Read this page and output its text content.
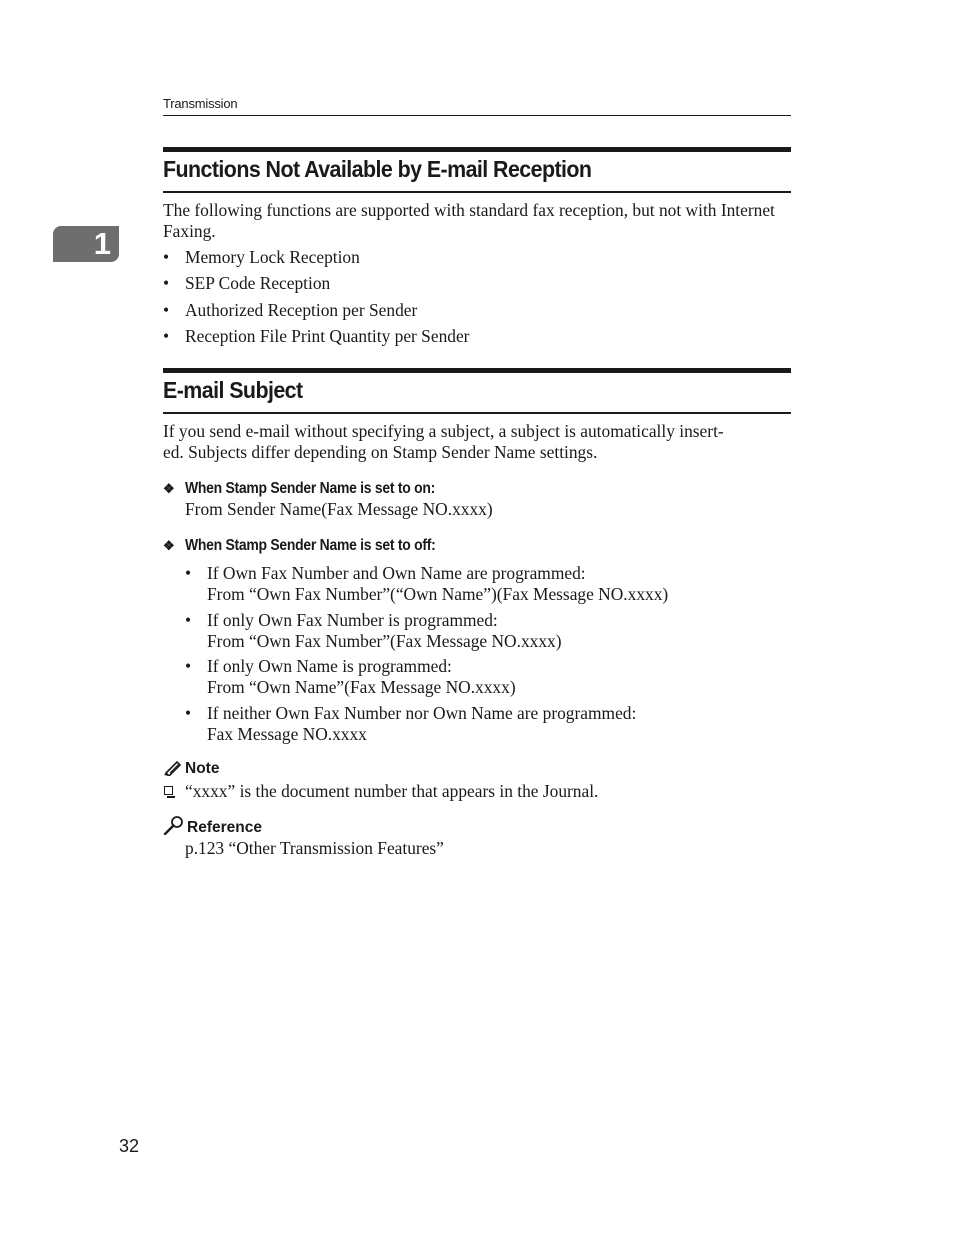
Transmission
1
Functions Not Available by E-mail Reception

The following functions are supported with standard fax reception, but not with Internet Faxing.

• Memory Lock Reception
• SEP Code Reception
• Authorized Reception per Sender
• Reception File Print Quantity per Sender
E-mail Subject
If you send e-mail without specifying a subject, a subject is automatically insert-
ed. Subjects differ depending on Stamp Sender Name settings.
❖ When Stamp Sender Name is set to on:
From Sender Name(Fax Message NO.xxxx)
❖ When Stamp Sender Name is set to off:
• If Own Fax Number and Own Name are programmed:
From “Own Fax Number”(“Own Name”)(Fax Message NO.xxxx)
• If only Own Fax Number is programmed:
From “Own Fax Number”(Fax Message NO.xxxx)
• If only Own Name is programmed:
From “Own Name”(Fax Message NO.xxxx)
• If neither Own Fax Number nor Own Name are programmed:
Fax Message NO.xxxx
Note
“xxxx” is the document number that appears in the Journal.
Reference
p.123 “Other Transmission Features”
32
